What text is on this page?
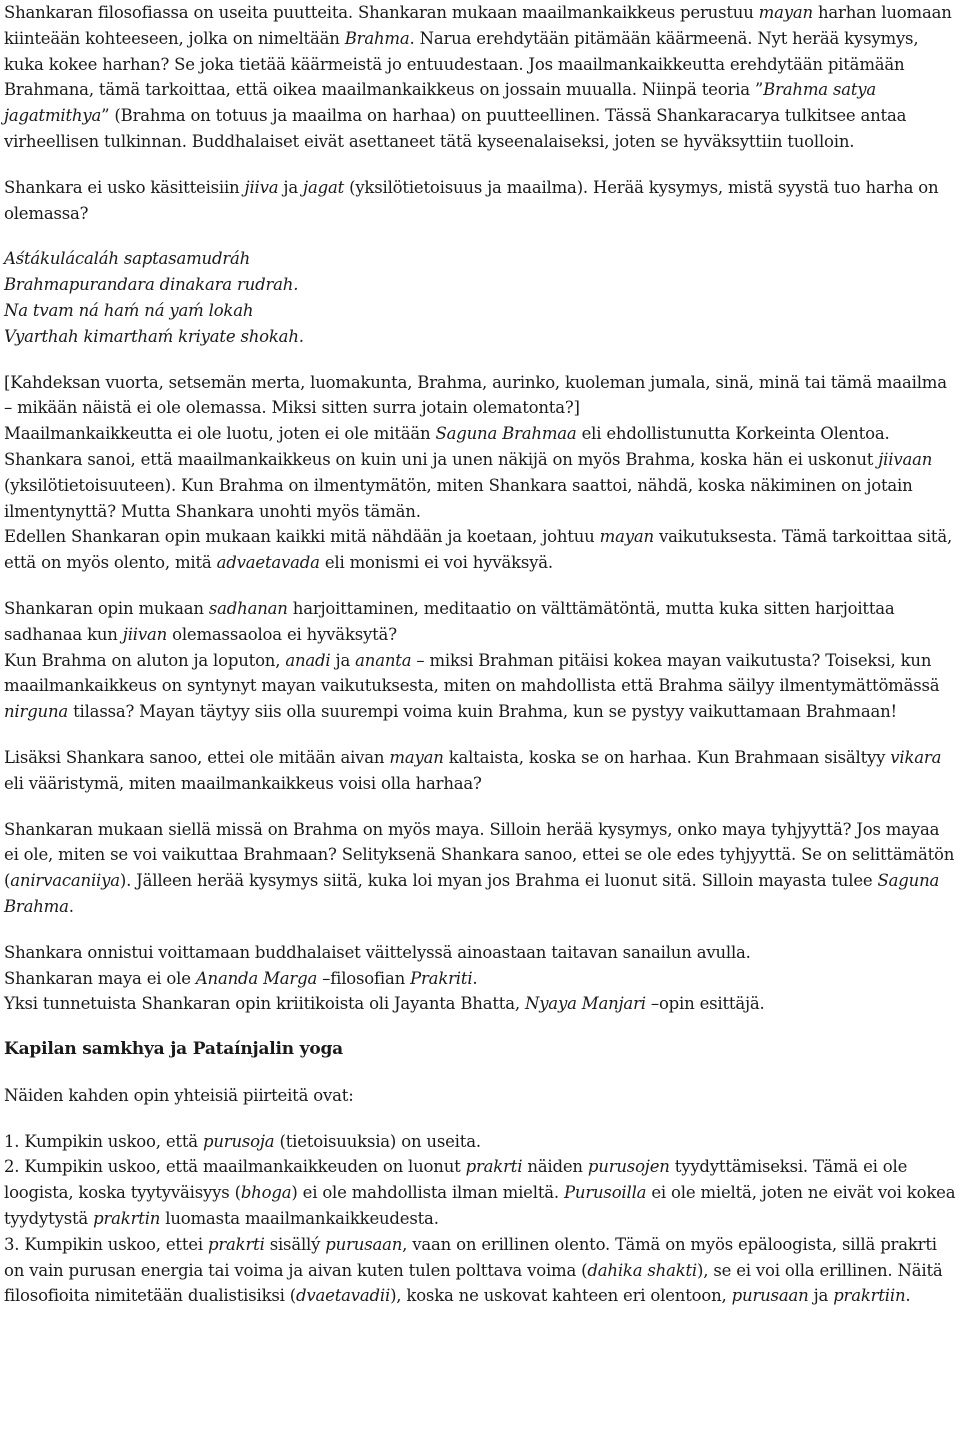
Shankaran filosofiassa on useita puutteita. Shankaran mukaan maailmankaikkeus perustuu mayan harhan luomaan kiinteään kohteeseen, jolka on nimeltään Brahma. Narua erehdytään pitämään käärmeenä. Nyt herää kysymys, kuka kokee harhan? Se joka tietää käärmeistä jo entuudestaan. Jos maailmankaikkeutta erehdytään pitämään Brahmana, tämä tarkoittaa, että oikea maailmankaikkeus on jossain muualla. Niinpä teoria ”Brahma satya jagatmithya” (Brahma on totuus ja maailma on harhaa) on puutteellinen. Tässä Shankaracarya tulkitsee antaa virheellisen tulkinnan. Buddhalaiset eivät asettaneet tätä kyseenalaiseksi, joten se hyväksyttiin tuolloin.
Shankara ei usko käsitteisiin jiiva ja jagat (yksilötietoisuus ja maailma). Herää kysymys, mistä syystä tuo harha on olemassa?
Aśtákulácaláh saptasamudráh
Brahmapurandara dinakara rudrah.
Na tvam ná haḿ ná yaḿ lokah
Vyarthah kimarthaḿ kriyate shokah.
[Kahdeksan vuorta, setsemän merta, luomakunta, Brahma, aurinko, kuoleman jumala, sinä, minä tai tämä maailma – mikään näistä ei ole olemassa. Miksi sitten surra jotain olematonta?]
Maailmankaikkeutta ei ole luotu, joten ei ole mitään Saguna Brahmaa eli ehdollistunutta Korkeinta Olentoa. Shankara sanoi, että maailmankaikkeus on kuin uni ja unen näkijä on myös Brahma, koska hän ei uskonut jiivaan (yksilötietoisuuteen). Kun Brahma on ilmentymätön, miten Shankara saattoi, nähdä, koska näkiminen on jotain ilmentynyttä? Mutta Shankara unohti myös tämän.
Edellen Shankaran opin mukaan kaikki mitä nähdään ja koetaan, johtuu mayan vaikutuksesta. Tämä tarkoittaa sitä, että on myös olento, mitä advaetavada eli monismi ei voi hyväksyä.
Shankaran opin mukaan sadhanan harjoittaminen, meditaatio on välttämätöntä, mutta kuka sitten harjoittaa sadhanaa kun jiivan olemassaoloa ei hyväksytä?
Kun Brahma on aluton ja loputon, anadi ja ananta – miksi Brahman pitäisi kokea mayan vaikutusta? Toiseksi, kun maailmankaikkeus on syntynyt mayan vaikutuksesta, miten on mahdollista että Brahma säilyy ilmentymättömässä nirguna tilassa? Mayan täytyy siis olla suurempi voima kuin Brahma, kun se pystyy vaikuttamaan Brahmaan!
Lisäksi Shankara sanoo, ettei ole mitään aivan mayan kaltaista, koska se on harhaa. Kun Brahmaan sisältyy vikara eli vääristymä, miten maailmankaikkeus voisi olla harhaa?
Shankaran mukaan siellä missä on Brahma on myös maya. Silloin herää kysymys, onko maya tyhjyyttä? Jos mayaa ei ole, miten se voi vaikuttaa Brahmaan? Selityksenä Shankara sanoo, ettei se ole edes tyhjyyttä. Se on selittämätön (anirvacaniiya). Jälleen herää kysymys siitä, kuka loi myan jos Brahma ei luonut sitä. Silloin mayasta tulee Saguna Brahma.
Shankara onnistui voittamaan buddhalaiset väittelyssä ainoastaan taitavan sanailun avulla.
Shankaran maya ei ole Ananda Marga –filosofian Prakriti.
Yksi tunnetuista Shankaran opin kriitikoista oli Jayanta Bhatta, Nyaya Manjari –opin esittäjä.
Kapilan samkhya ja Pataínjalin yoga
Näiden kahden opin yhteisiä piirteitä ovat:
1. Kumpikin uskoo, että purusoja (tietoisuuksia) on useita.
2. Kumpikin uskoo, että maailmankaikkeuden on luonut prakrti näiden purusojen tyydyttämiseksi. Tämä ei ole loogista, koska tyytyväisyys (bhoga) ei ole mahdollista ilman mieltä. Purusoilla ei ole mieltä, joten ne eivät voi kokea tyydytystä prakrtin luomasta maailmankaikkeudesta.
3. Kumpikin uskoo, ettei prakrti sisällý purusaan, vaan on erillinen olento. Tämä on myös epäloogista, sillä prakrti on vain purusan energia tai voima ja aivan kuten tulen polttava voima (dahika shakti), se ei voi olla erillinen. Näitä filosofioita nimitetään dualistisiksi (dvaetavadii), koska ne uskovat kahteen eri olentoon, purusaan ja prakrtiin.
